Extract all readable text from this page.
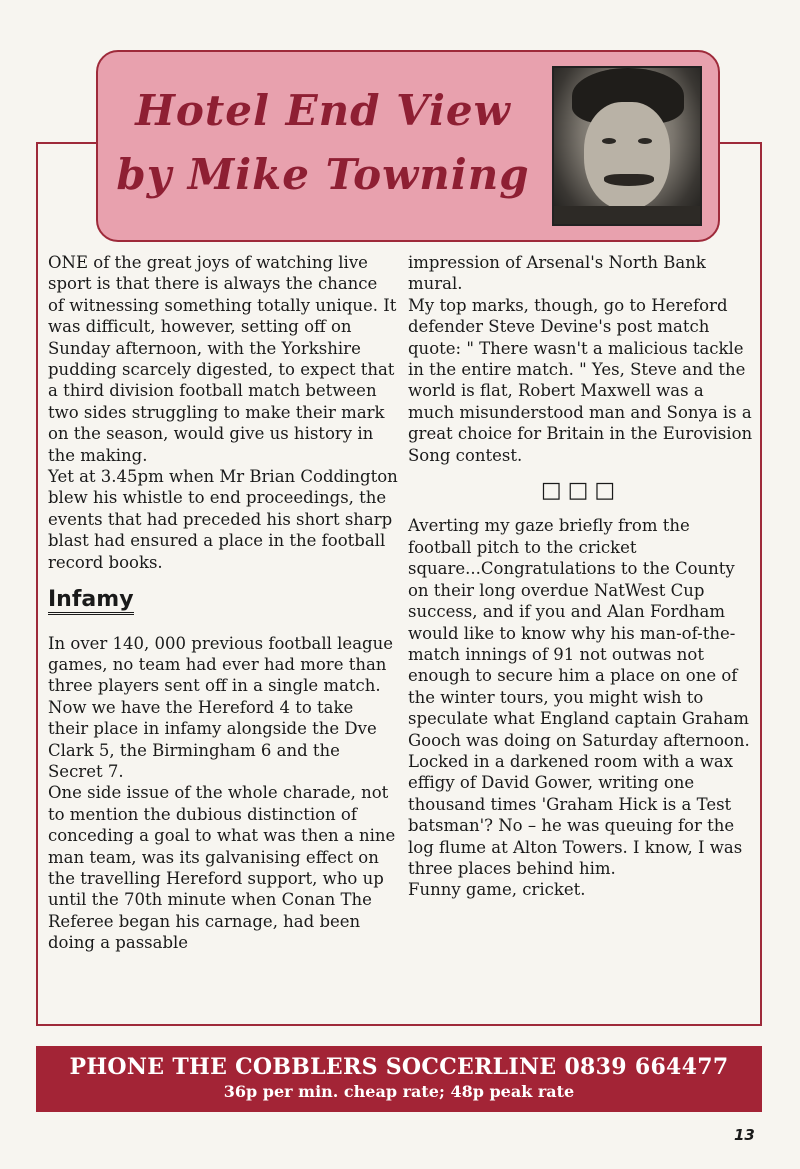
Hotel End View
by Mike Towning

ONE of the great joys of watching live sport is that there is always the chance of witnessing something totally unique. It was difficult, however, setting off on Sunday afternoon, with the Yorkshire pudding scarcely digested, to expect that a third division football match between two sides struggling to make their mark on the season, would give us history in the making.

Yet at 3.45pm when Mr Brian Coddington blew his whistle to end proceedings, the events that had preceded his short sharp blast had ensured a place in the football record books.

Infamy

In over 140, 000 previous football league games, no team had ever had more than three players sent off in a single match. Now we have the Hereford 4 to take their place in infamy alongside the Dve Clark 5, the Birmingham 6 and the Secret 7.

One side issue of the whole charade, not to mention the dubious distinction of conceding a goal to what was then a nine man team, was its galvanising effect on the travelling Hereford support, who up until the 70th minute when Conan The Referee began his carnage, had been doing a passable

impression of Arsenal's North Bank mural.

My top marks, though, go to Hereford defender Steve Devine's post match quote: " There wasn't a malicious tackle in the entire match. " Yes, Steve and the world is flat, Robert Maxwell was a much misunderstood man and Sonya is a great choice for Britain in the Eurovision Song contest.

□□□

Averting my gaze briefly from the football pitch to the cricket square...Congratulations to the County on their long overdue NatWest Cup success, and if you and Alan Fordham would like to know why his man-of-the-match innings of 91 not outwas not enough to secure him a place on one of the winter tours, you might wish to speculate what England captain Graham Gooch was doing on Saturday afternoon.

Locked in a darkened room with a wax effigy of David Gower, writing one thousand times 'Graham Hick is a Test batsman'? No – he was queuing for the log flume at Alton Towers. I know, I was three places behind him.

Funny game, cricket.

PHONE THE COBBLERS SOCCERLINE 0839 664477
36p per min. cheap rate; 48p peak rate
13
